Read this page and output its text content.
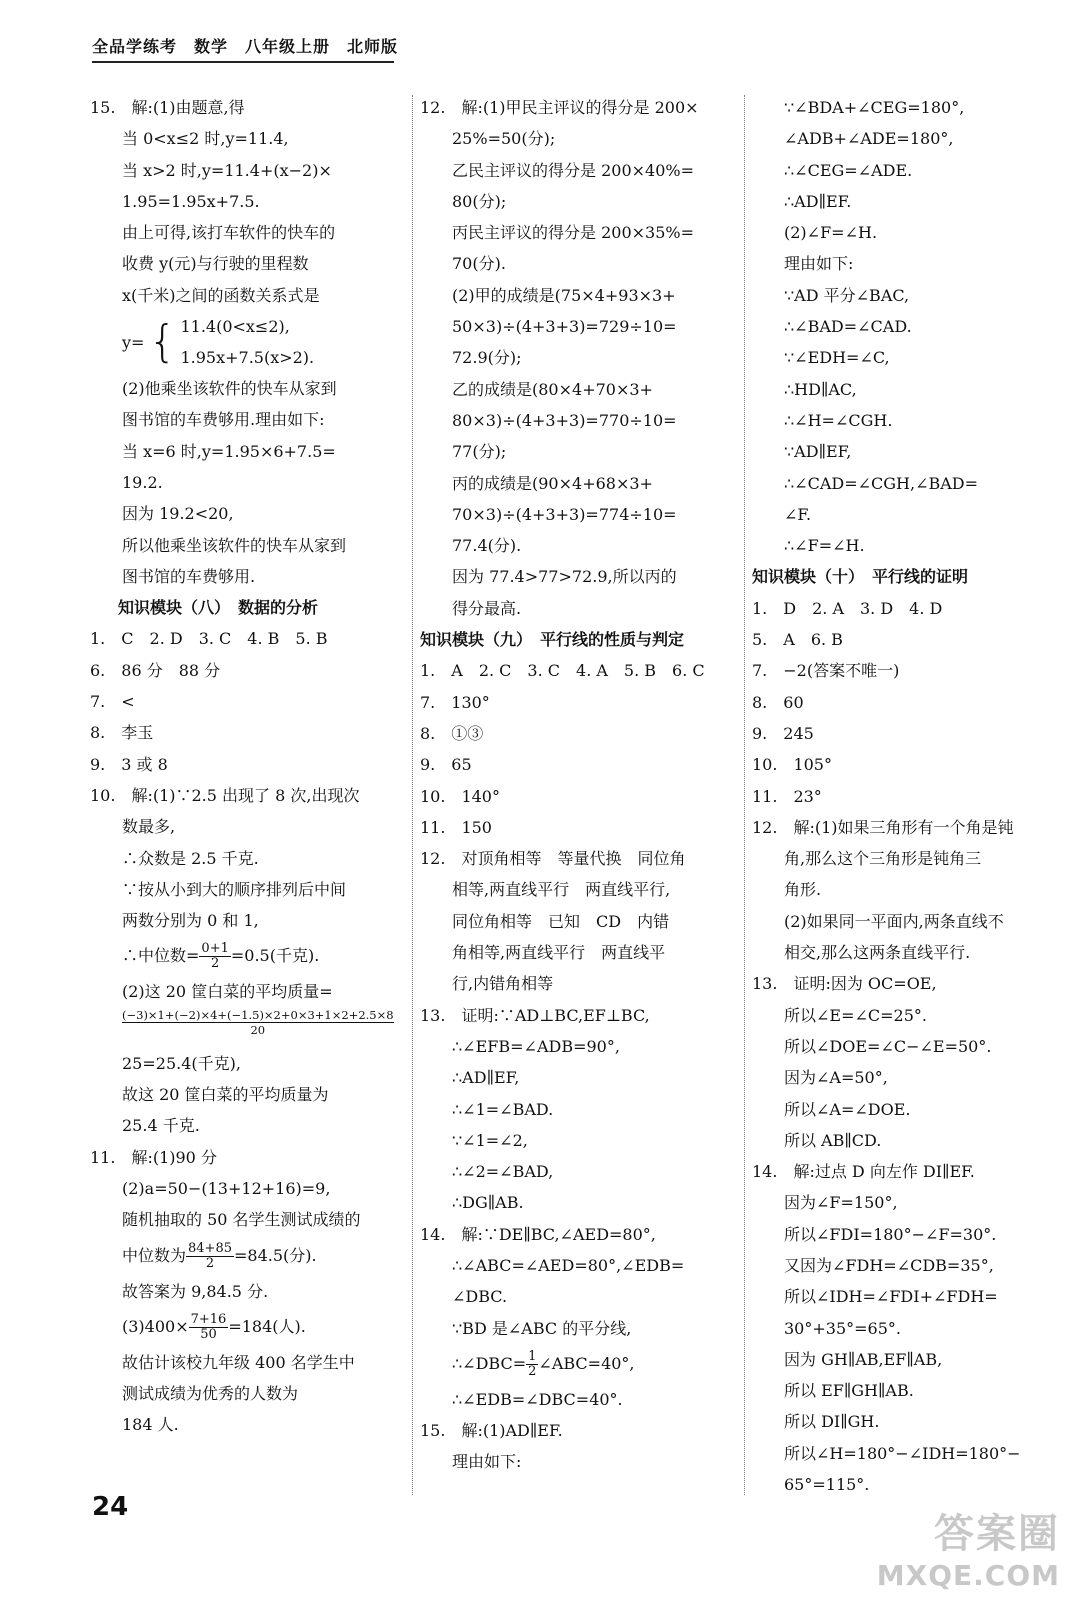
全品学练考　数学　八年级上册　北师版
15.　解:(1)由题意,得
当 0<x≤2 时,y=11.4,
当 x>2 时,y=11.4+(x−2)×
1.95=1.95x+7.5.
由上可得,该打车软件的快车的
收费 y(元)与行驶的里程数
x(千米)之间的函数关系式是
y= { 11.4(0<x≤2),
1.95x+7.5(x>2).
(2)他乘坐该软件的快车从家到
图书馆的车费够用.理由如下:
当 x=6 时,y=1.95×6+7.5=
19.2.
因为 19.2<20,
所以他乘坐该软件的快车从家到
图书馆的车费够用.
知识模块（八）　数据的分析
1.　C　2. D　3. C　4. B　5. B
6.　86 分　88 分
7.　<
8.　李玉
9.　3 或 8
10.　解:(1)∵2.5 出现了 8 次,出现次
数最多,
∴众数是 2.5 千克.
∵按从小到大的顺序排列后中间
两数分别为 0 和 1,
∴中位数= $\frac{0+1}{2} =0.5$(千克).
(2)这 20 筐白菜的平均质量=
$\frac{(-3)\times 1+(-2)\times 4+(-1.5)\times 2+0\times 3+1\times 2+2.5\times 8}{20}$
25=25.4(千克),
故这 20 筐白菜的平均质量为
25.4 千克.
11.　解:(1)90 分
(2)a=50−(13+12+16)=9,
随机抽取的 50 名学生测试成绩的
中位数为 $\frac{84+85}{2} =84.5$(分).
故答案为 9,84.5 分.
$(3)400\times \frac{7+16}{50} =184$(人).
故估计该校九年级 400 名学生中
测试成绩为优秀的人数为
184 人.
12.　解:(1)甲民主评议的得分是 200×
25%=50(分);
乙民主评议的得分是 200×40%=
80(分);
丙民主评议的得分是 200×35%=
70(分).
(2)甲的成绩是(75×4+93×3+
50×3)÷(4+3+3)=729÷10=
72.9(分);
乙的成绩是(80×4+70×3+
80×3)÷(4+3+3)=770÷10=
77(分);
丙的成绩是(90×4+68×3+
70×3)÷(4+3+3)=774÷10=
77.4(分).
因为 77.4>77>72.9,所以丙的
得分最高.
知识模块（九）　平行线的性质与判定
1.　A　2. C　3. C　4. A　5. B　6. C
7.　130°
8.　①③
9.　65
10.　140°
11.　150
12.　对顶角相等　等量代换　同位角
相等,两直线平行　两直线平行,
同位角相等　已知　CD　内错
角相等,两直线平行　两直线平
行,内错角相等
13.　证明:∵AD⊥BC,EF⊥BC,
∴∠EFB=∠ADB=90°,
∴AD∥EF,
∴∠1=∠BAD.
∵∠1=∠2,
∴∠2=∠BAD,
∴DG∥AB.
14.　解:∵DE∥BC,∠AED=80°,
∴∠ABC=∠AED=80°,∠EDB=
∠DBC.
∵BD 是∠ABC 的平分线,
∴∠DBC= $\frac{1}{2}$ ∠ABC=40°,
∴∠EDB=∠DBC=40°.
15.　解:(1)AD∥EF.
理由如下:
∵∠BDA+∠CEG=180°,
∠ADB+∠ADE=180°,
∴∠CEG=∠ADE.
∴AD∥EF.
(2)∠F=∠H.
理由如下:
∵AD 平分∠BAC,
∴∠BAD=∠CAD.
∵∠EDH=∠C,
∴HD∥AC,
∴∠H=∠CGH.
∵AD∥EF,
∴∠CAD=∠CGH,∠BAD=
∠F.
∴∠F=∠H.
知识模块（十）　平行线的证明
1.　D　2. A　3. D　4. D
5.　A　6. B
7.　−2(答案不唯一)
8.　60
9.　245
10.　105°
11.　23°
12.　解:(1)如果三角形有一个角是钝
角,那么这个三角形是钝角三
角形.
(2)如果同一平面内,两条直线不
相交,那么这两条直线平行.
13.　证明:因为 OC=OE,
所以∠E=∠C=25°.
所以∠DOE=∠C−∠E=50°.
因为∠A=50°,
所以∠A=∠DOE.
所以 AB∥CD.
14.　解:过点 D 向左作 DI∥EF.
因为∠F=150°,
所以∠FDI=180°−∠F=30°.
又因为∠FDH=∠CDB=35°,
所以∠IDH=∠FDI+∠FDH=
30°+35°=65°.
因为 GH∥AB,EF∥AB,
所以 EF∥GH∥AB.
所以 DI∥GH.
所以∠H=180°−∠IDH=180°−
65°=115°.
24
答案圈
MXQE.COM
